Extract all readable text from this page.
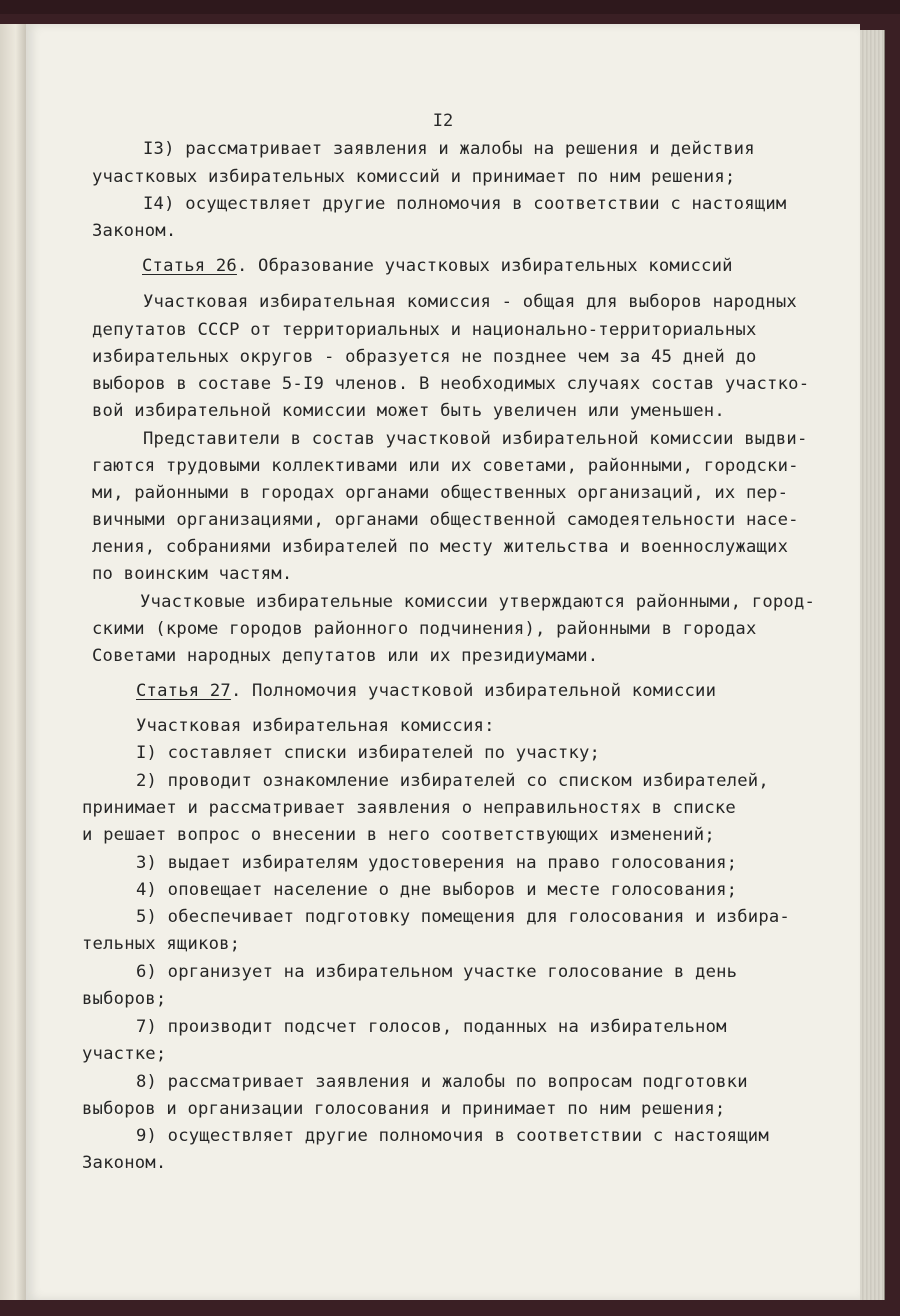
I2
I3) рассматривает заявления и жалобы на решения и действия
участковых избирательных комиссий и принимает по ним решения;
I4) осуществляет другие полномочия в соответствии с настоящим
Законом.
Статья 26. Образование участковых избирательных комиссий
Участковая избирательная комиссия - общая для выборов народных
депутатов СССР от территориальных и национально-территориальных
избирательных округов - образуется не позднее чем за 45 дней до
выборов в составе 5-I9 членов. В необходимых случаях состав участко-
вой избирательной комиссии может быть увеличен или уменьшен.
Представители в состав участковой избирательной комиссии выдви-
гаются трудовыми коллективами или их советами, районными, городски-
ми, районными в городах органами общественных организаций, их пер-
вичными организациями, органами общественной самодеятельности насе-
ления, собраниями избирателей по месту жительства и военнослужащих
по воинским частям.
Участковые избирательные комиссии утверждаются районными, город-
скими (кроме городов районного подчинения), районными в городах
Советами народных депутатов или их президиумами.
Статья 27. Полномочия участковой избирательной комиссии
Участковая избирательная комиссия:
I) составляет списки избирателей по участку;
2) проводит ознакомление избирателей со списком избирателей,
принимает и рассматривает заявления о неправильностях в списке
и решает вопрос о внесении в него соответствующих изменений;
3) выдает избирателям удостоверения на право голосования;
4) оповещает население о дне выборов и месте голосования;
5) обеспечивает подготовку помещения для голосования и избира-
тельных ящиков;
6) организует на избирательном участке голосование в день
выборов;
7) производит подсчет голосов, поданных на избирательном
участке;
8) рассматривает заявления и жалобы по вопросам подготовки
выборов и организации голосования и принимает по ним решения;
9) осуществляет другие полномочия в соответствии с настоящим
Законом.
